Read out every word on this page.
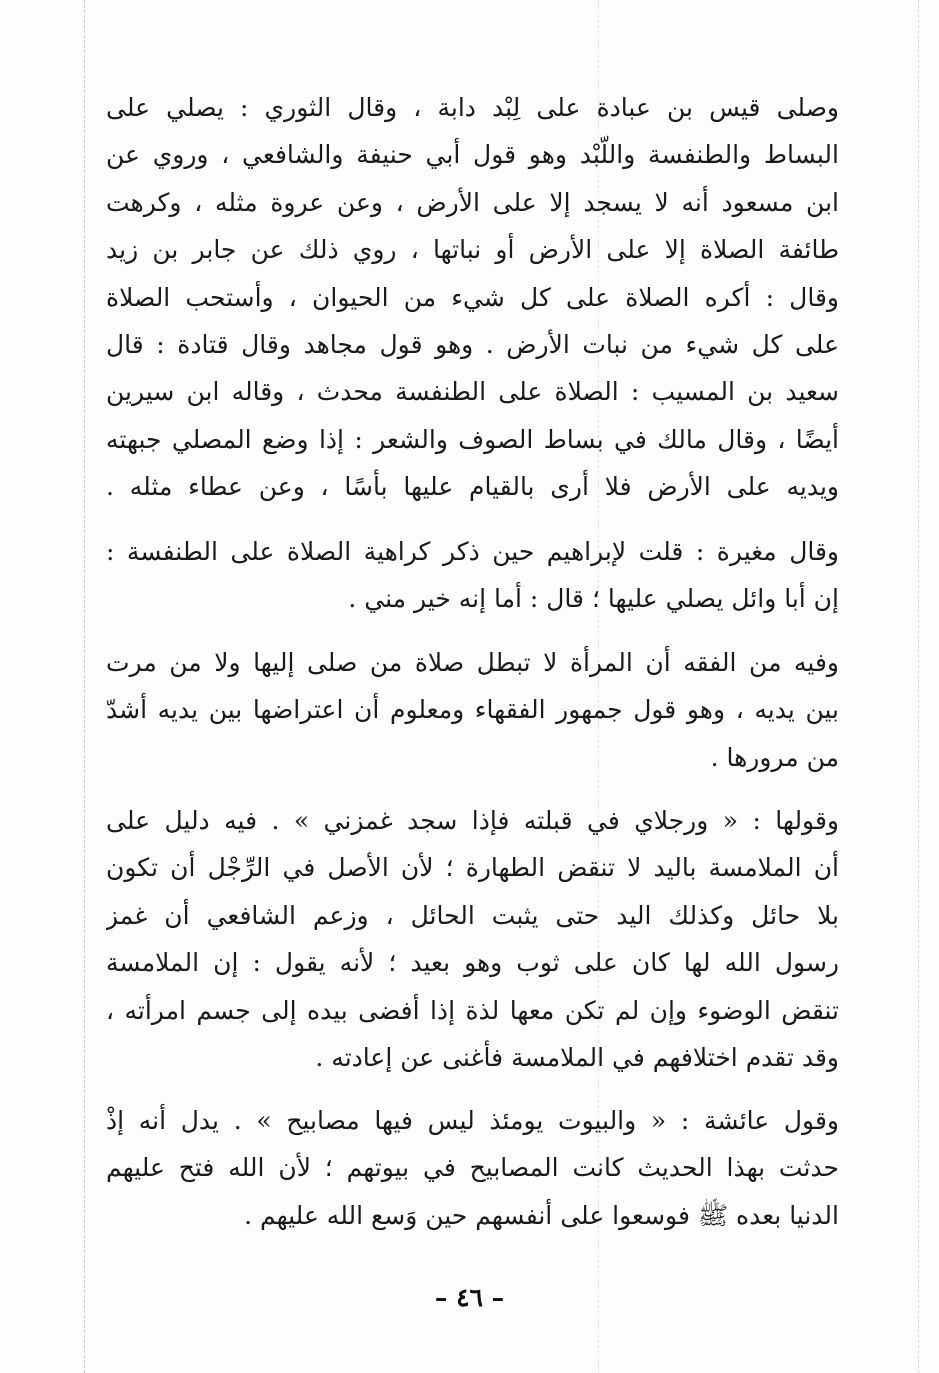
وصلى قيس بن عبادة على لِبْد دابة ، وقال الثوري : يصلي على
البساط والطنفسة واللّبْد وهو قول أبي حنيفة والشافعي ، وروي عن
ابن مسعود أنه لا يسجد إلا على الأرض ، وعن عروة مثله ، وكرهت
طائفة الصلاة إلا على الأرض أو نباتها ، روي ذلك عن جابر بن زيد
وقال : أكره الصلاة على كل شيء من الحيوان ، وأستحب الصلاة
على كل شيء من نبات الأرض . وهو قول مجاهد وقال قتادة : قال
سعيد بن المسيب : الصلاة على الطنفسة محدث ، وقاله ابن سيرين
أيضًا ، وقال مالك في بساط الصوف والشعر : إذا وضع المصلي جبهته
ويديه على الأرض فلا أرى بالقيام عليها بأسًا ، وعن عطاء مثله .
وقال مغيرة : قلت لإبراهيم حين ذكر كراهية الصلاة على الطنفسة :
إن أبا وائل يصلي عليها ؛ قال : أما إنه خير مني .
وفيه من الفقه أن المرأة لا تبطل صلاة من صلى إليها ولا من مرت
بين يديه ، وهو قول جمهور الفقهاء ومعلوم أن اعتراضها بين يديه أشدّ
من مرورها .
وقولها : « ورجلاي في قبلته فإذا سجد غمزني » . فيه دليل على
أن الملامسة باليد لا تنقض الطهارة ؛ لأن الأصل في الرِّجْل أن تكون
بلا حائل وكذلك اليد حتى يثبت الحائل ، وزعم الشافعي أن غمز
رسول الله لها كان على ثوب وهو بعيد ؛ لأنه يقول : إن الملامسة
تنقض الوضوء وإن لم تكن معها لذة إذا أفضى بيده إلى جسم امرأته ،
وقد تقدم اختلافهم في الملامسة فأغنى عن إعادته .
وقول عائشة : « والبيوت يومئذ ليس فيها مصابيح » . يدل أنه إذْ
حدثت بهذا الحديث كانت المصابيح في بيوتهم ؛ لأن الله فتح عليهم
الدنيا بعده ﷺ فوسعوا على أنفسهم حين وَسع الله عليهم .
– ٤٦ –
